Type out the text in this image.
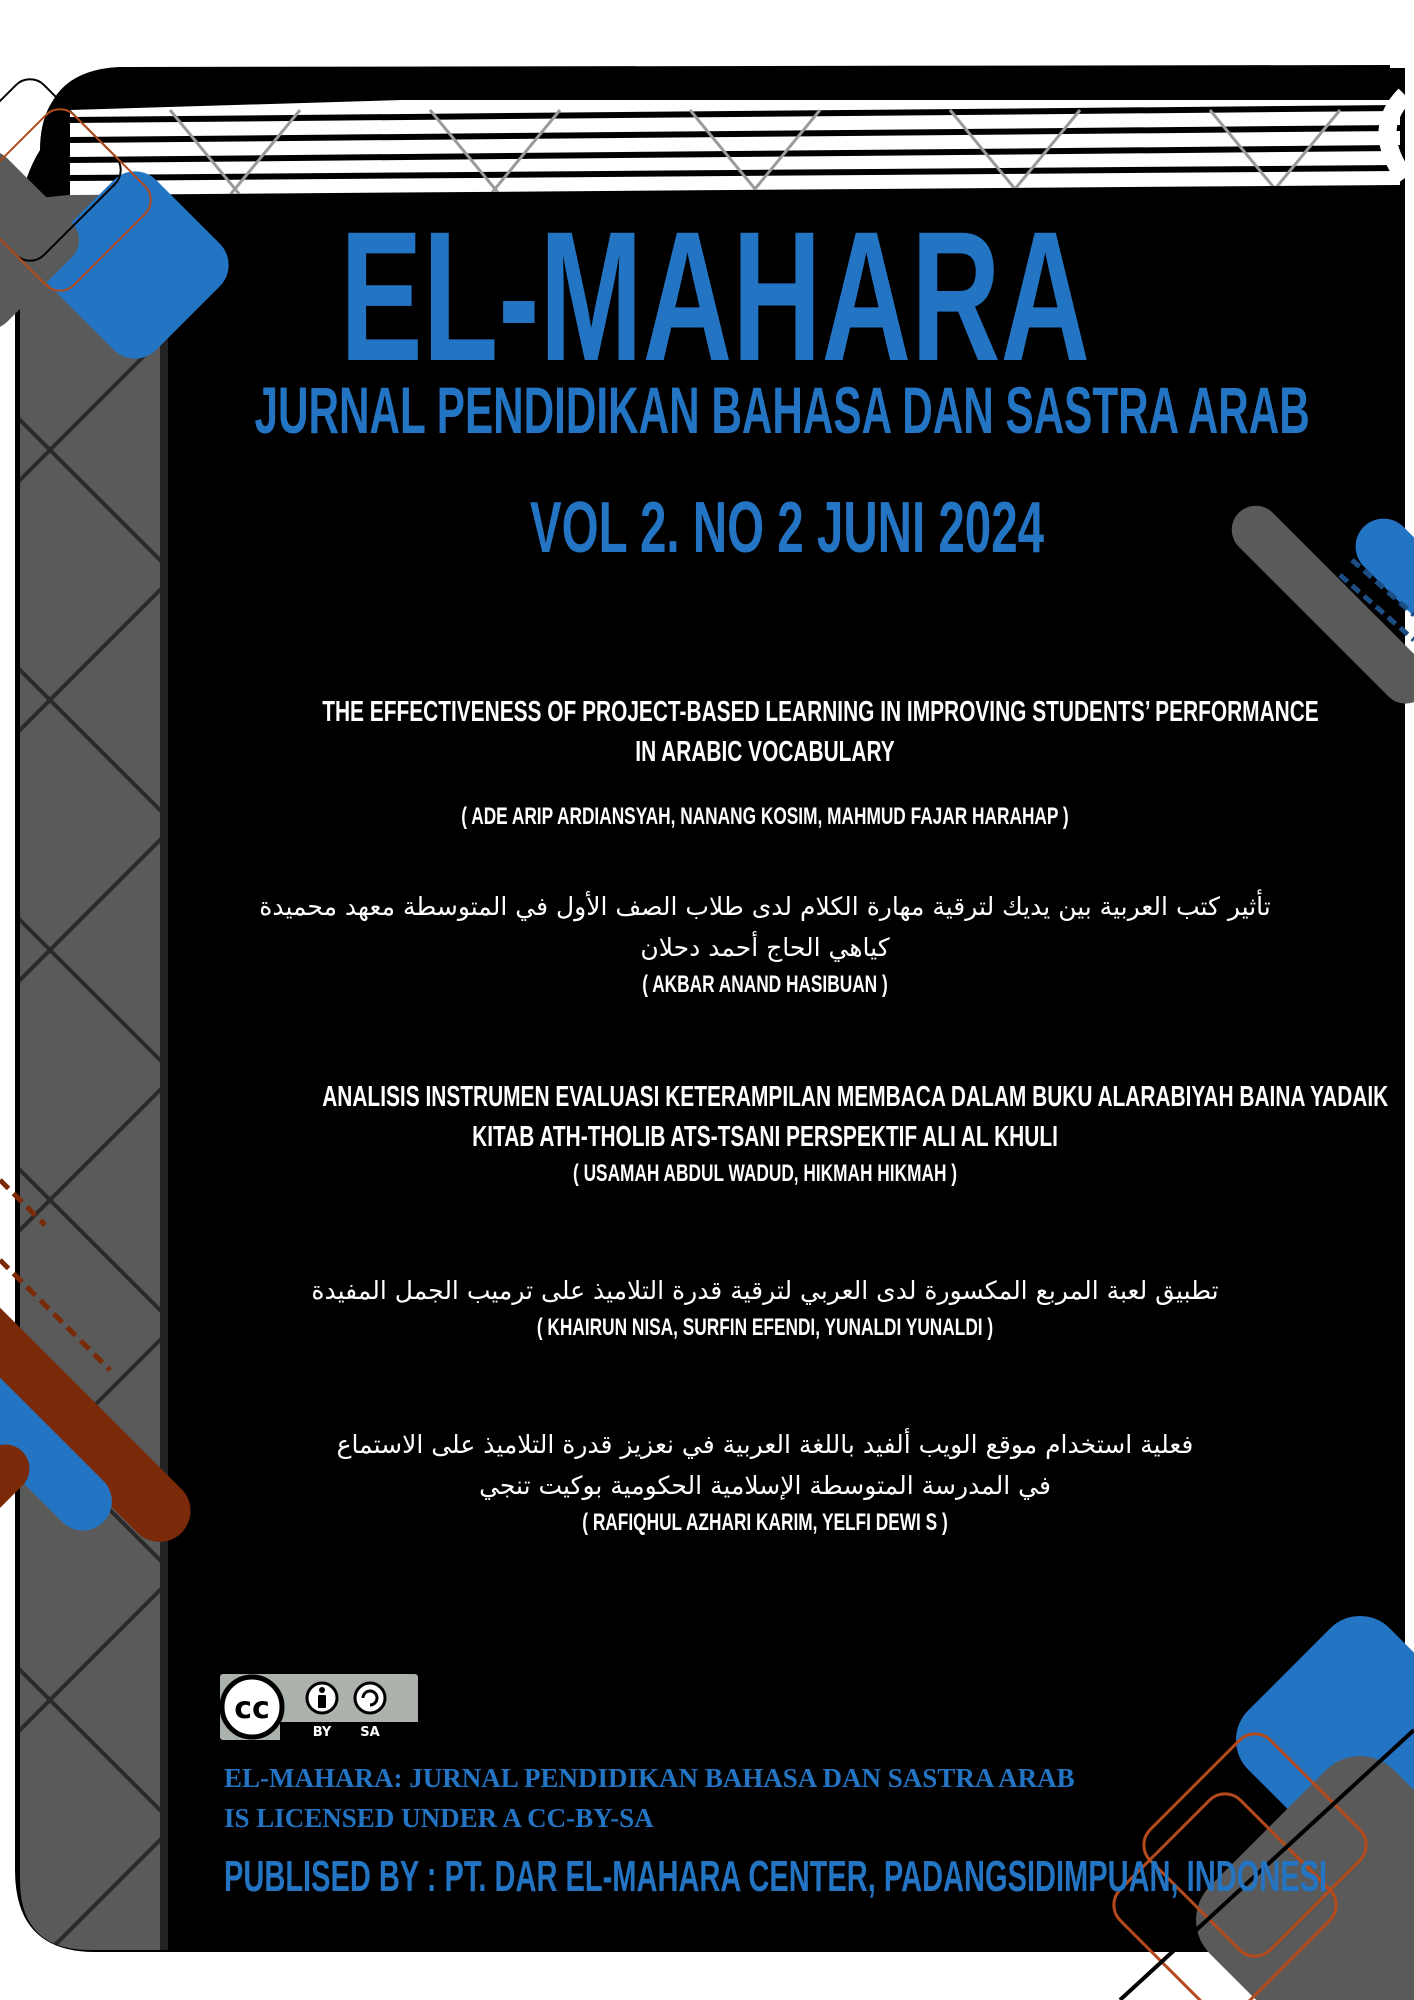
EL-MAHARA
JURNAL PENDIDIKAN BAHASA DAN SASTRA ARAB
VOL 2. NO 2 JUNI 2024
THE EFFECTIVENESS OF PROJECT-BASED LEARNING IN IMPROVING STUDENTS’ PERFORMANCE
IN ARABIC VOCABULARY
( ADE ARIP ARDIANSYAH, NANANG KOSIM, MAHMUD FAJAR HARAHAP )
تأثير كتب العربية بين يديك لترقية مهارة الكلام لدى طلاب الصف الأول في المتوسطة معهد محميدة
كياهي الحاج أحمد دحلان
( AKBAR ANAND HASIBUAN )
ANALISIS INSTRUMEN EVALUASI KETERAMPILAN MEMBACA DALAM BUKU ALARABIYAH BAINA YADAIK
KITAB ATH-THOLIB ATS-TSANI PERSPEKTIF ALI AL KHULI
( USAMAH ABDUL WADUD, HIKMAH HIKMAH )
تطبيق لعبة المربع المكسورة لدى العربي لترقية قدرة التلاميذ على ترميب الجمل المفيدة
( KHAIRUN NISA, SURFIN EFENDI, YUNALDI YUNALDI )
فعلية استخدام موقع الويب ألفيد باللغة العربية في نعزيز قدرة التلاميذ على الاستماع
في المدرسة المتوسطة الإسلامية الحكومية بوكيت تنجي
( RAFIQHUL AZHARI KARIM, YELFI DEWI S )
cc
BY SA
EL-MAHARA: JURNAL PENDIDIKAN BAHASA DAN SASTRA ARAB
IS LICENSED UNDER A CC-BY-SA
PUBLISED BY : PT. DAR EL-MAHARA CENTER, PADANGSIDIMPUAN, INDONESI
